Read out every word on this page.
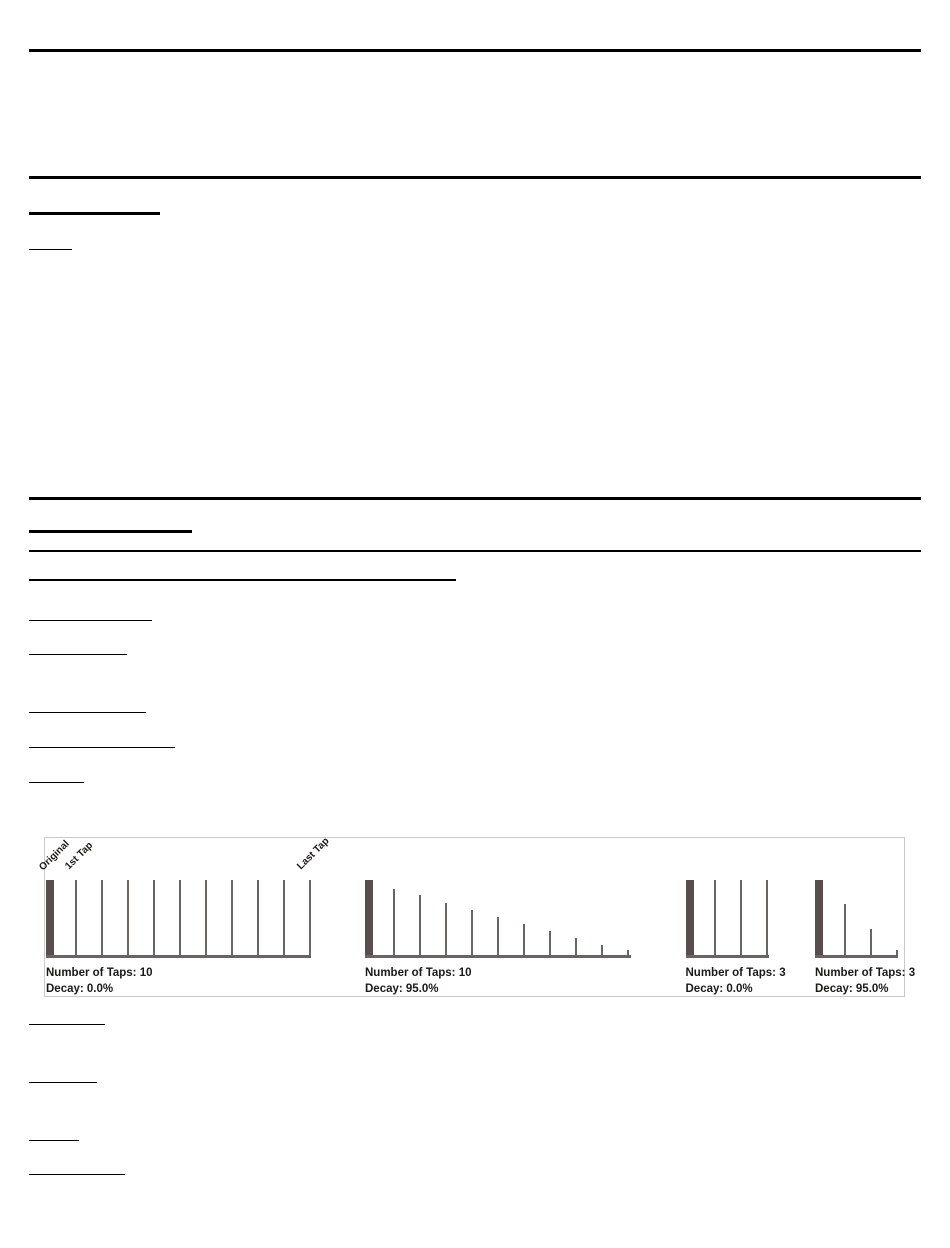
Original
1st Tap	Last Tap
Number of Taps: 10
Decay: 0.0%
Number of Taps: 10
Decay: 95.0%
Number of Taps: 3
Decay: 0.0%
Number of Taps: 3
Decay: 95.0%
